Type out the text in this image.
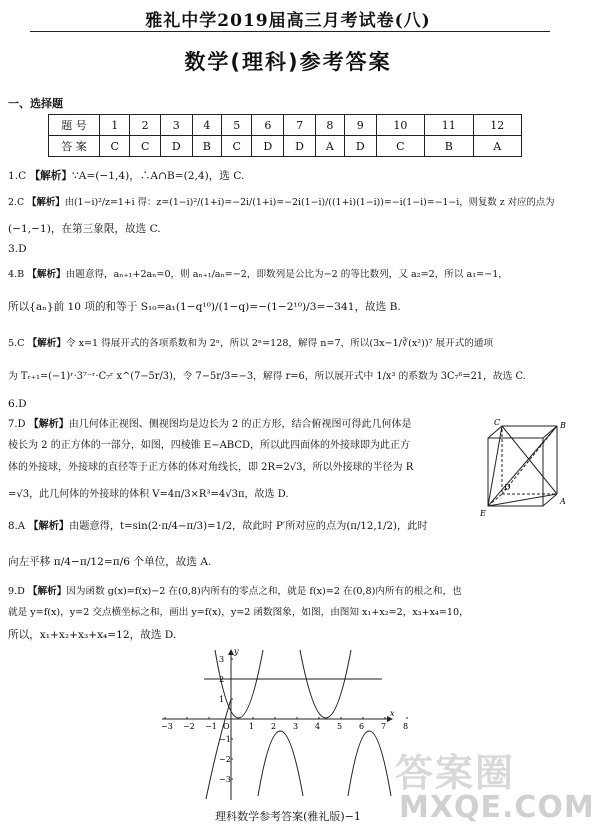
雅礼中学2019届高三月考试卷(八)
数学(理科)参考答案
一、选择题
题 号	1	2	3	4	5	6	7	8	9	10	11	12
答 案	C	C	D	B	C	D	D	A	D	C	B	A
1.C 【解析】∵A=(−1,4)，∴A∩B=(2,4)，选 C.
2.C 【解析】由(1−i)²/z=1+i 得：z=(1−i)²/(1+i)=−2i/(1+i)=−2i(1−i)/((1+i)(1−i))=−i(1−i)=−1−i，则复数 z 对应的点为
(−1,−1)，在第三象限，故选 C.
3.D
4.B 【解析】由题意得，aₙ₊₁+2aₙ=0，则 aₙ₊₁/aₙ=−2，即数列是公比为−2 的等比数列，又 a₂=2，所以 a₁=−1，
所以{aₙ}前 10 项的和等于 S₁₀=a₁(1−q¹⁰)/(1−q)=−(1−2¹⁰)/3=−341，故选 B.
5.C 【解析】令 x=1 得展开式的各项系数和为 2ⁿ，所以 2ⁿ=128，解得 n=7，所以(3x−1/∛(x²))⁷ 展开式的通项
为 Tᵣ₊₁=(−1)ʳ·3⁷⁻ʳ·C₇ʳ x^(7−5r/3)，令 7−5r/3=−3，解得 r=6，所以展开式中 1/x³ 的系数为 3C₇⁶=21，故选 C.
6.D
7.D 【解析】由几何体正视图、侧视图均是边长为 2 的正方形，结合俯视图可得此几何体是
棱长为 2 的正方体的一部分，如图，四棱锥 E−ABCD，所以此四面体的外接球即为此正方
体的外接球，外接球的直径等于正方体的体对角线长，即 2R=2√3，所以外接球的半径为 R
=√3，此几何体的外接球的体积 V=4π/3×R³=4√3π，故选 D.
8.A 【解析】由题意得，t=sin(2·π/4−π/3)=1/2，故此时 P′所对应的点为(π/12,1/2)，此时
向左平移 π/4−π/12=π/6 个单位，故选 A.
9.D 【解析】因为函数 g(x)=f(x)−2 在(0,8)内所有的零点之和，就是 f(x)=2 在(0,8)内所有的根之和，也
就是 y=f(x)，y=2 交点横坐标之和，画出 y=f(x)，y=2 函数图象，如图，由图知 x₁+x₂=2，x₃+x₄=10，
所以，x₁+x₂+x₃+x₄=12，故选 D.
C	B
D
E
A
x
y
−3 −2 −1 O 1 2 3 4 5 6 7 8
3
2
1
−1
−2
−3	答案圈
MXQE.COM
理科数学参考答案(雅礼版)−1
